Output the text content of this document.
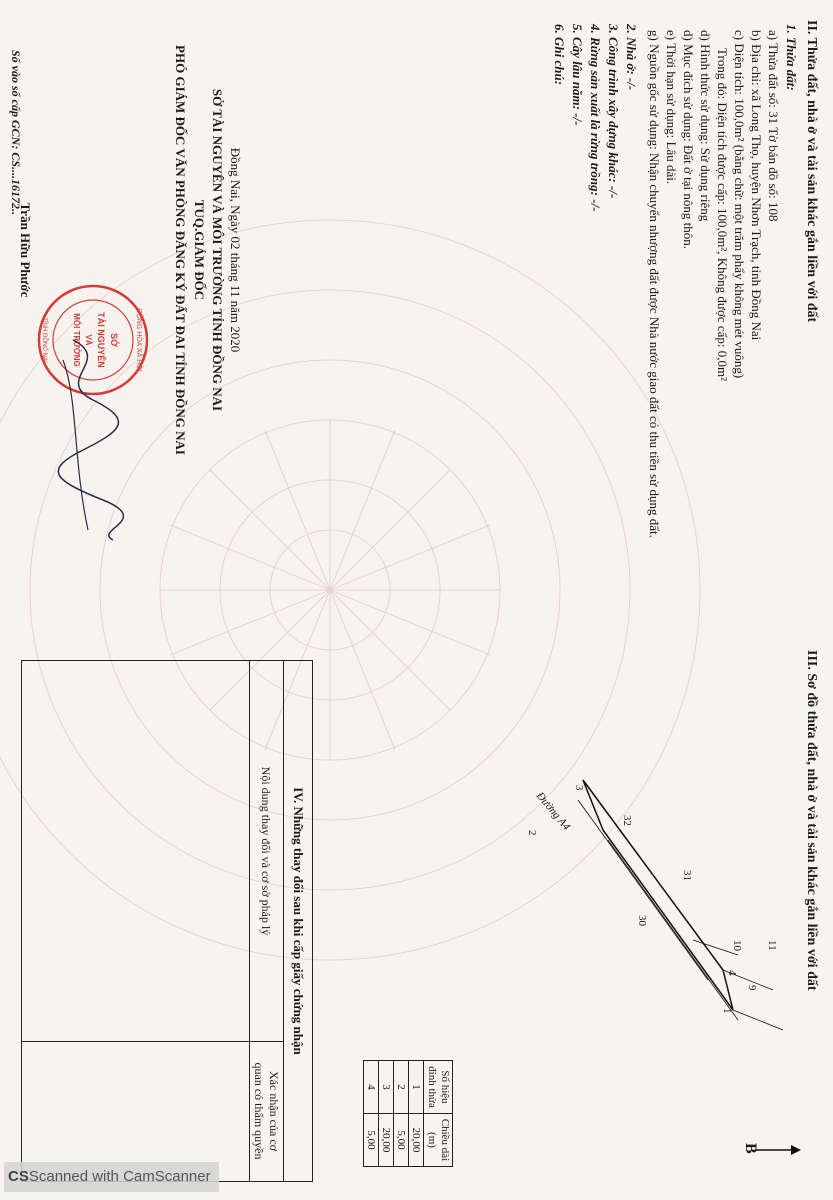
II. Thửa đất, nhà ở và tài sản khác gắn liền với đất
1. Thửa đất:
a) Thửa đất số: 31 Tờ bản đồ số: 108
b) Địa chỉ: xã Long Thọ, huyện Nhơn Trạch, tỉnh Đồng Nai
c) Diện tích: 100,0m² (bằng chữ: một trăm phẩy không mét vuông)
Trong đó: Diện tích được cấp: 100,0m², Không được cấp: 0,0m²
d) Hình thức sử dụng: Sử dụng riêng
d) Mục đích sử dụng: Đất ở tại nông thôn.
e) Thời hạn sử dụng: Lâu dài.
g) Nguồn gốc sử dụng: Nhận chuyển nhượng đất được Nhà nước giao đất có thu tiền sử dụng đất.
2. Nhà ở: -/-
3. Công trình xây dựng khác: -/-
4. Rừng sản xuất là rừng trồng: -/-
5. Cây lâu năm: -/-
6. Ghi chú:
Đồng Nai, Ngày 02 tháng 11 năm 2020
SỞ TÀI NGUYÊN VÀ MÔI TRƯỜNG TỈNH ĐỒNG NAI
TUQ.GIÁM ĐỐC
PHÓ GIÁM ĐỐC VĂN PHÒNG ĐĂNG KÝ ĐẤT ĐAI TỈNH ĐỒNG NAI
CỘNG HÒA XÃ HỘI
SỞ
TÀI NGUYÊN
VÀ
MÔI TRƯỜNG
TỈNH ĐỒNG NAI
Trần Hữu Phước
Số vào sổ cấp GCN: CS....16172..
III. Sơ đồ thửa đất, nhà ở và tài sản khác gắn liền với đất
B
9
10 11
30
31
32
1
2
3
4
Đường A4
Số hiệu đỉnh thửa	Chiều dài (m)
1	20,00
2	5,00
3	20,00
4	5,00
IV. Những thay đổi sau khi cấp giấy chứng nhận
Nội dung thay đổi và cơ sở pháp lý
Xác nhận của cơ
quan có thẩm quyền
CSScanned with CamScanner
